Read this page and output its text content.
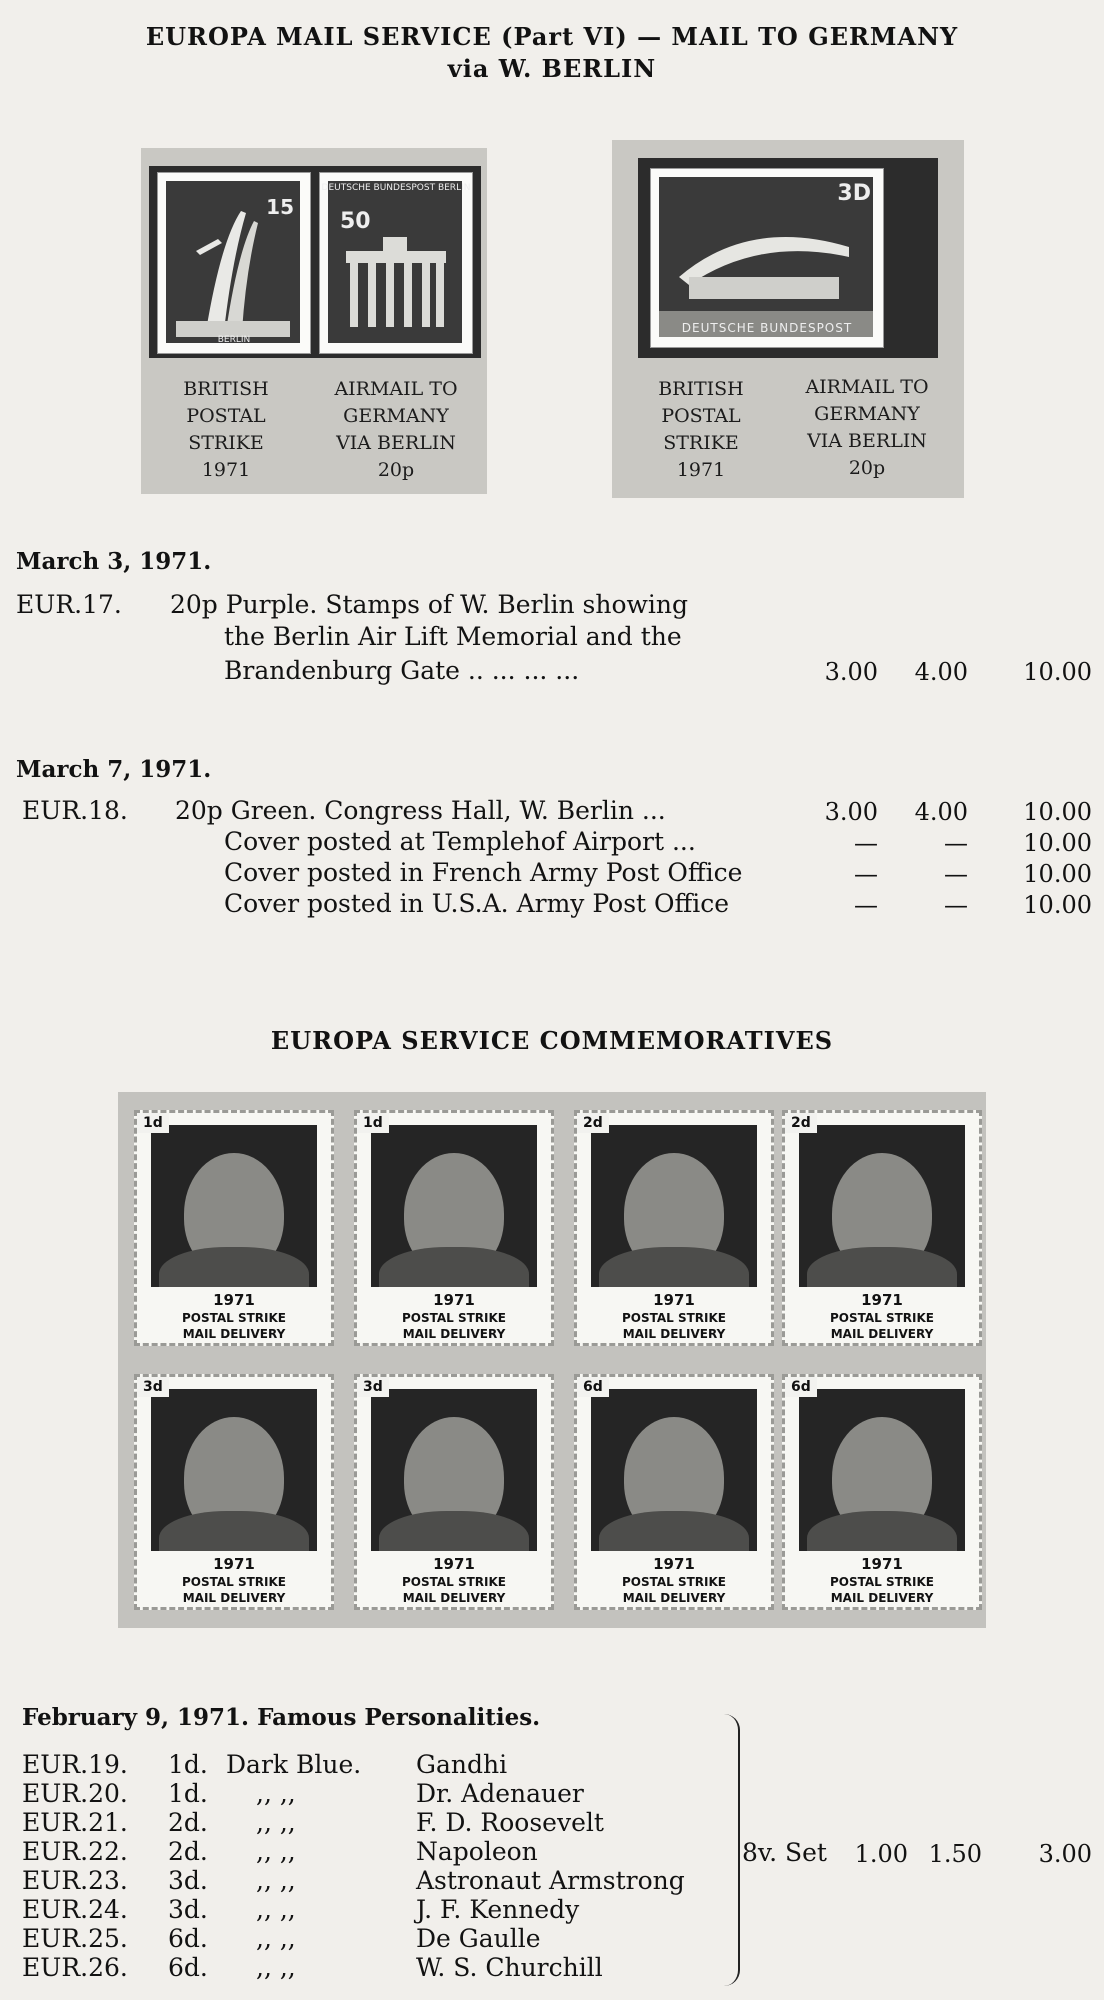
EUROPA MAIL SERVICE (Part VI) — MAIL TO GERMANY
via W. BERLIN
15
BERLIN
DEUTSCHE BUNDESPOST BERLIN
50
BRITISH
POSTAL
STRIKE
1971
AIRMAIL TO
GERMANY
VIA BERLIN
20p
3D
DEUTSCHE BUNDESPOST
BRITISH
POSTAL
STRIKE
1971
AIRMAIL TO
GERMANY
VIA BERLIN
20p
March 3, 1971.
EUR.17. 20p Purple. Stamps of W. Berlin showing
the Berlin Air Lift Memorial and the
Brandenburg Gate .. ... ... ...	3.00 4.00	10.00
March 7, 1971.
EUR.18. 20p Green. Congress Hall, W. Berlin ...	3.00 4.00	10.00
Cover posted at Templehof Airport ...	—	—	10.00
Cover posted in French Army Post Office	—	—	10.00
Cover posted in U.S.A. Army Post Office	—	—	10.00
EUROPA SERVICE COMMEMORATIVES
1d
1971
POSTAL STRIKE
MAIL DELIVERY
1d
1971
POSTAL STRIKE
MAIL DELIVERY
2d
1971
POSTAL STRIKE
MAIL DELIVERY
2d
1971
POSTAL STRIKE
MAIL DELIVERY
3d
1971
POSTAL STRIKE
MAIL DELIVERY
3d
1971
POSTAL STRIKE
MAIL DELIVERY
6d
1971
POSTAL STRIKE
MAIL DELIVERY
6d
1971
POSTAL STRIKE
MAIL DELIVERY
February 9, 1971. Famous Personalities.
EUR.19. 1d. Dark Blue. Gandhi
EUR.20. 1d. ,, ,,	Dr. Adenauer
EUR.21. 2d. ,, ,,	F. D. Roosevelt
EUR.22. 2d. ,, ,,	Napoleon
EUR.23. 3d. ,, ,,	Astronaut Armstrong
EUR.24. 3d. ,, ,,	J. F. Kennedy
EUR.25. 6d. ,, ,,	De Gaulle
EUR.26. 6d. ,, ,,	W. S. Churchill
8v. Set 1.00 1.50	3.00
